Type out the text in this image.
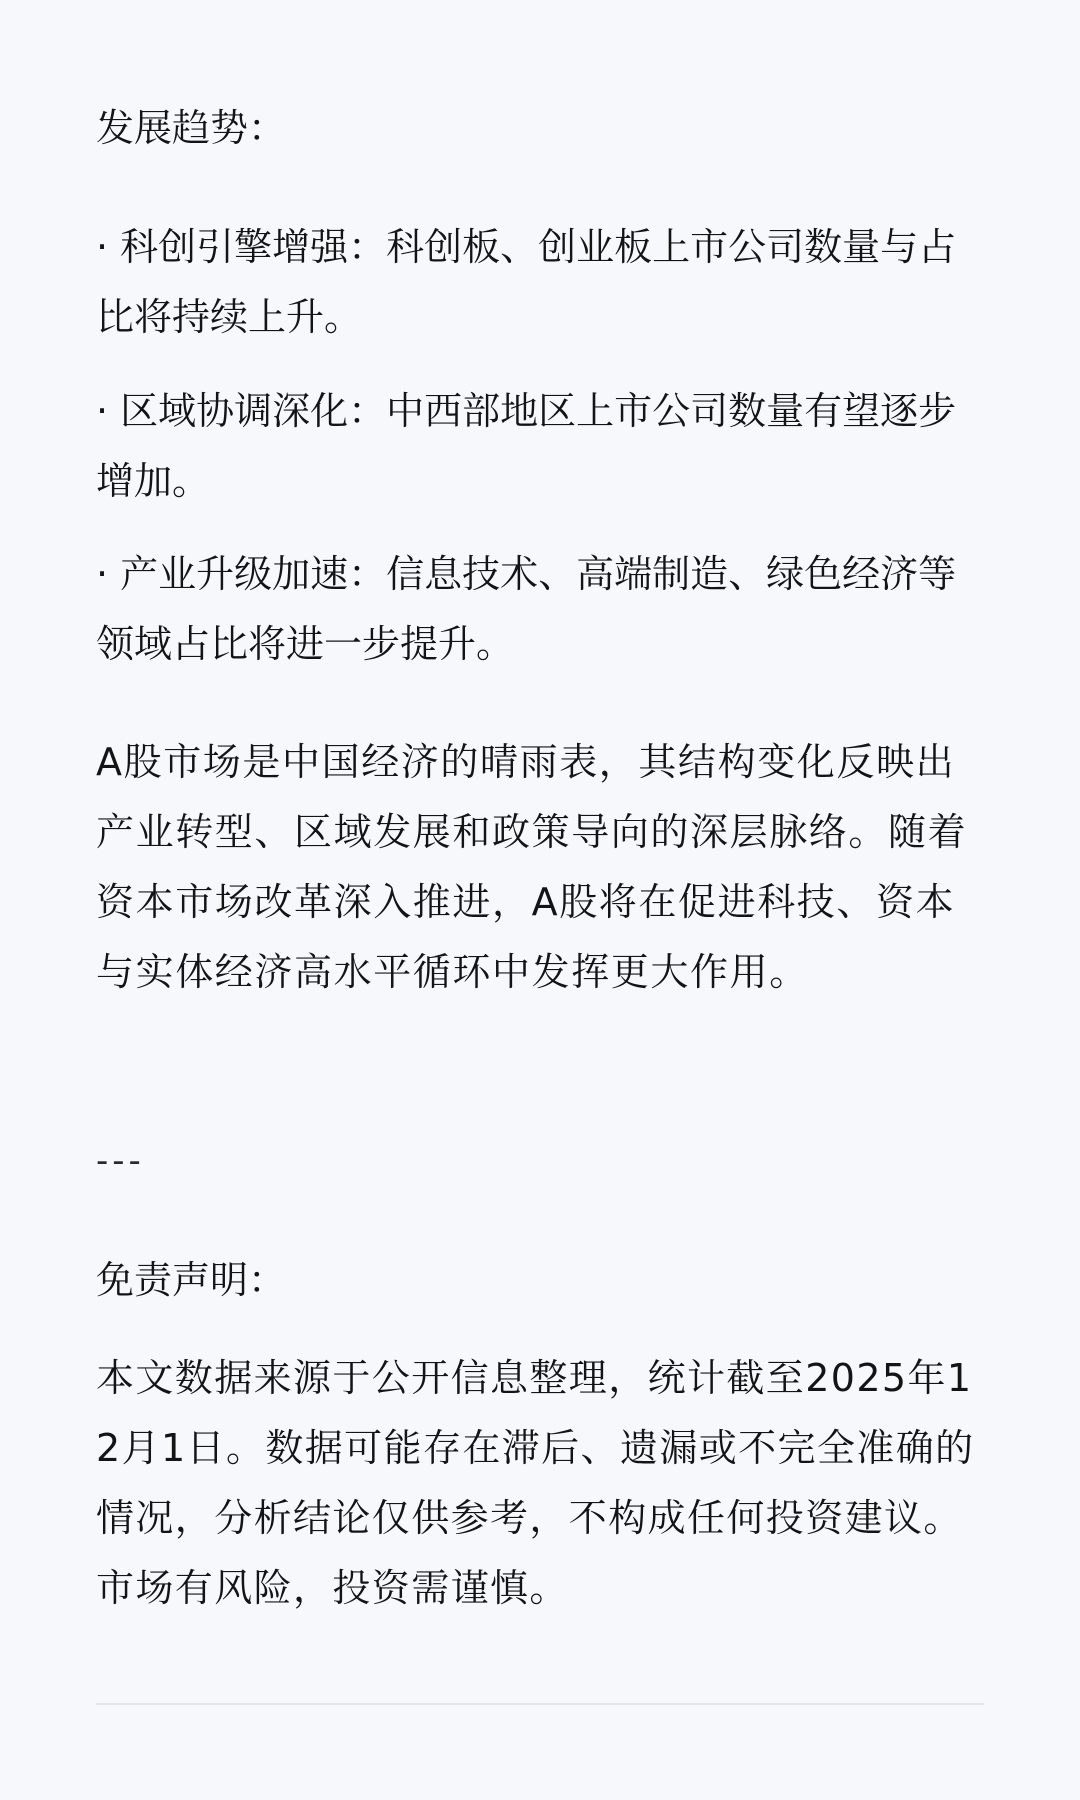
发展趋势：

· 科创引擎增强：科创板、创业板上市公司数量与占比将持续上升。
· 区域协调深化：中西部地区上市公司数量有望逐步增加。
· 产业升级加速：信息技术、高端制造、绿色经济等领域占比将进一步提升。

A股市场是中国经济的晴雨表，其结构变化反映出产业转型、区域发展和政策导向的深层脉络。随着资本市场改革深入推进，A股将在促进科技、资本与实体经济高水平循环中发挥更大作用。

---

免责声明：

本文数据来源于公开信息整理，统计截至2025年12月1日。数据可能存在滞后、遗漏或不完全准确的情况，分析结论仅供参考，不构成任何投资建议。市场有风险，投资需谨慎。
